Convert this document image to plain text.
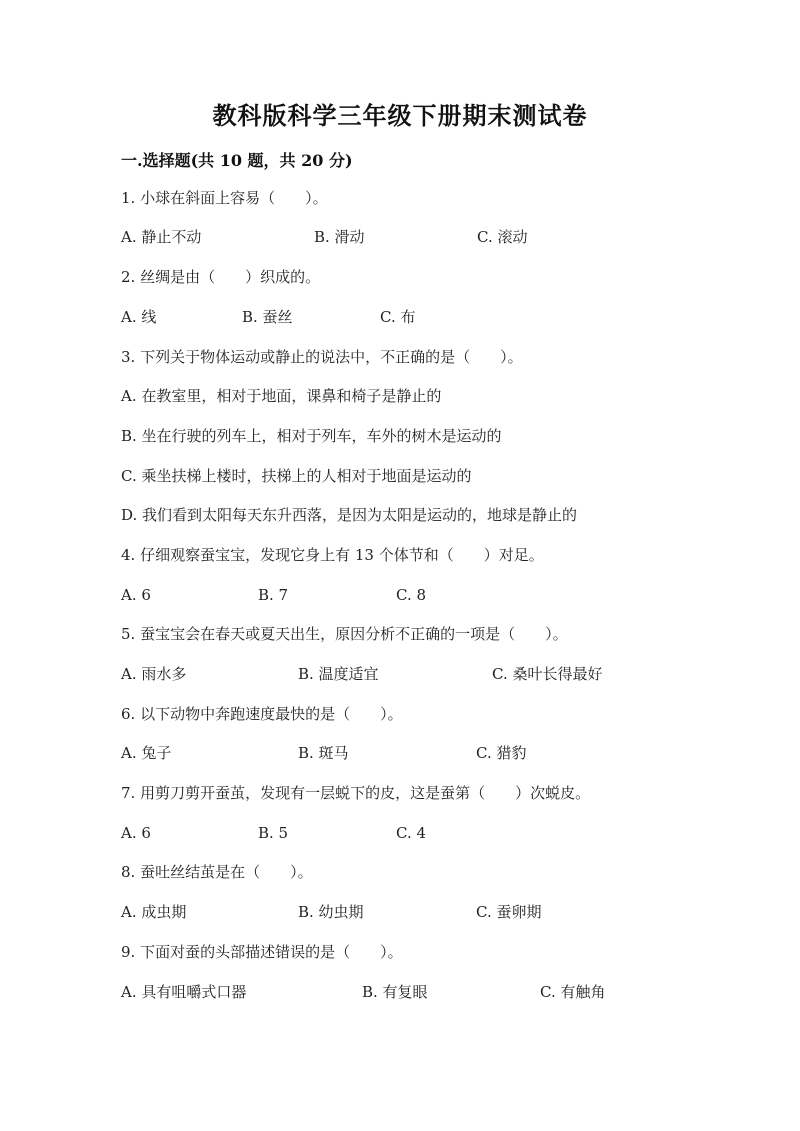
教科版科学三年级下册期末测试卷
一.选择题(共 10 题，共 20 分)
1. 小球在斜面上容易（　　）。
A. 静止不动	B. 滑动	C. 滚动
2. 丝绸是由（　　）织成的。
A. 线	B. 蚕丝	C. 布
3. 下列关于物体运动或静止的说法中，不正确的是（　　）。
A. 在教室里，相对于地面，课鼻和椅子是静止的
B. 坐在行驶的列车上，相对于列车，车外的树木是运动的
C. 乘坐扶梯上楼时，扶梯上的人相对于地面是运动的
D. 我们看到太阳每天东升西落，是因为太阳是运动的，地球是静止的
4. 仔细观察蚕宝宝，发现它身上有 13 个体节和（　　）对足。
A. 6	B. 7	C. 8
5. 蚕宝宝会在春天或夏天出生，原因分析不正确的一项是（　　）。
A. 雨水多	B. 温度适宜	C. 桑叶长得最好
6. 以下动物中奔跑速度最快的是（　　）。
A. 兔子	B. 斑马	C. 猎豹
7. 用剪刀剪开蚕茧，发现有一层蜕下的皮，这是蚕第（　　）次蜕皮。
A. 6	B. 5	C. 4
8. 蚕吐丝结茧是在（　　）。
A. 成虫期	B. 幼虫期	C. 蚕卵期
9. 下面对蚕的头部描述错误的是（　　）。
A. 具有咀嚼式口器	B. 有复眼	C. 有触角
